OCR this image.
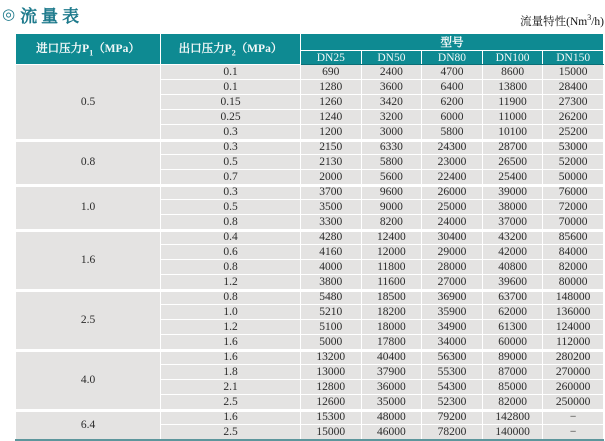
◎ 流量表	流量特性(Nm$^3$/h)
进口压力$P_1(MPa)$	出口压力$P_2(MPa)$	型号				
		DN25	DN50	DN80	DN100	DN150
0.5	0.1	690	2400	4700	8600	15000
	0.1	1280	3600	6400	13800	28400
	0.15	1260	3420	6200	11900	27300
	0.25	1240	3200	6000	11000	26200
	0.3	1200	3000	5800	10100	25200
0.8	0.3	2150	6330	24300	28700	53000
	0.5	2130	5800	23000	26500	52000
	0.7	2000	5600	22400	25400	50000
1.0	0.3	3700	9600	26000	39000	76000
	0.5	3500	9000	25000	38000	72000
	0.8	3300	8200	24000	37000	70000
1.6	0.4	4280	12400	30400	43200	85600
	0.6	4160	12000	29000	42000	84000
	0.8	4000	11800	28000	40800	82000
	1.2	3800	11600	27000	39600	80000
2.5	0.8	5480	18500	36900	63700	148000
	1.0	5210	18200	35900	62000	136000
	1.2	5100	18000	34900	61300	124000
	1.6	5000	17800	34000	60000	112000
4.0	1.6	13200	40400	56300	89000	280200
	1.8	13000	37900	55300	87000	270000
	2.1	12800	36000	54300	85000	260000
	2.5	12600	35000	52300	82000	250000
6.4	1.6	15300	48000	79200	142800	−
	2.5	15000	46000	78200	140000	−
